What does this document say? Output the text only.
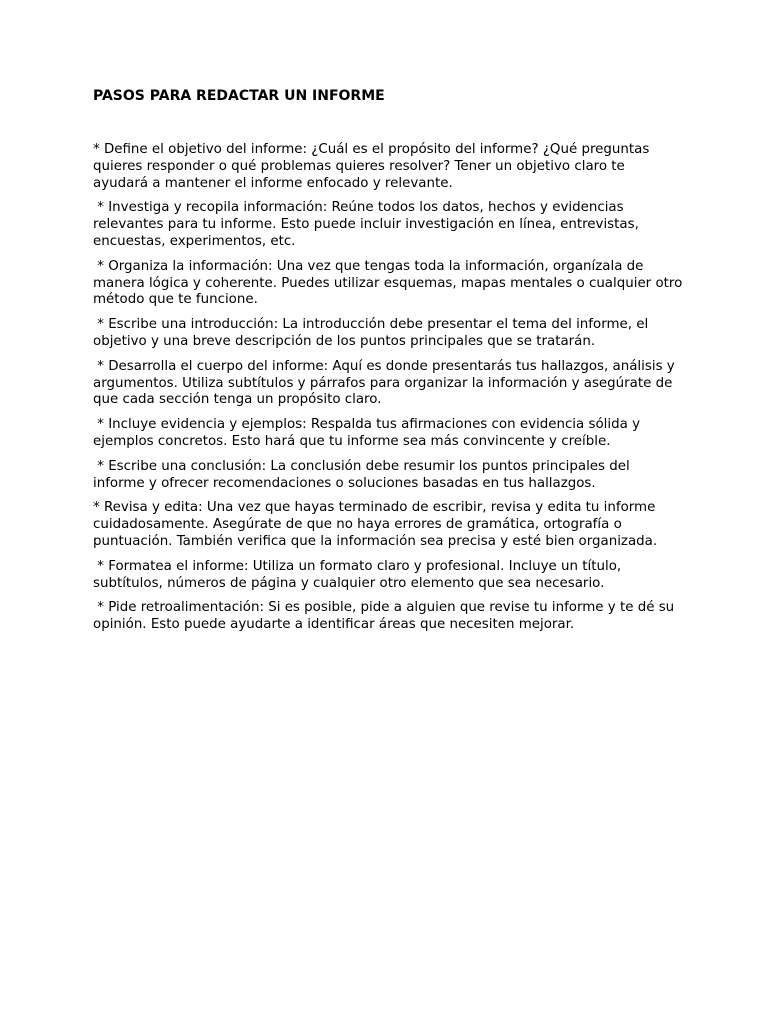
PASOS PARA REDACTAR UN INFORME

* Define el objetivo del informe: ¿Cuál es el propósito del informe? ¿Qué preguntas quieres responder o qué problemas quieres resolver? Tener un objetivo claro te ayudará a mantener el informe enfocado y relevante.

* Investiga y recopila información: Reúne todos los datos, hechos y evidencias relevantes para tu informe. Esto puede incluir investigación en línea, entrevistas, encuestas, experimentos, etc.

* Organiza la información: Una vez que tengas toda la información, organízala de manera lógica y coherente. Puedes utilizar esquemas, mapas mentales o cualquier otro método que te funcione.

* Escribe una introducción: La introducción debe presentar el tema del informe, el objetivo y una breve descripción de los puntos principales que se tratarán.

* Desarrolla el cuerpo del informe: Aquí es donde presentarás tus hallazgos, análisis y argumentos. Utiliza subtítulos y párrafos para organizar la información y asegúrate de que cada sección tenga un propósito claro.

* Incluye evidencia y ejemplos: Respalda tus afirmaciones con evidencia sólida y ejemplos concretos. Esto hará que tu informe sea más convincente y creíble.

* Escribe una conclusión: La conclusión debe resumir los puntos principales del informe y ofrecer recomendaciones o soluciones basadas en tus hallazgos.

* Revisa y edita: Una vez que hayas terminado de escribir, revisa y edita tu informe cuidadosamente. Asegúrate de que no haya errores de gramática, ortografía o puntuación. También verifica que la información sea precisa y esté bien organizada.

* Formatea el informe: Utiliza un formato claro y profesional. Incluye un título, subtítulos, números de página y cualquier otro elemento que sea necesario.

* Pide retroalimentación: Si es posible, pide a alguien que revise tu informe y te dé su opinión. Esto puede ayudarte a identificar áreas que necesiten mejorar.
